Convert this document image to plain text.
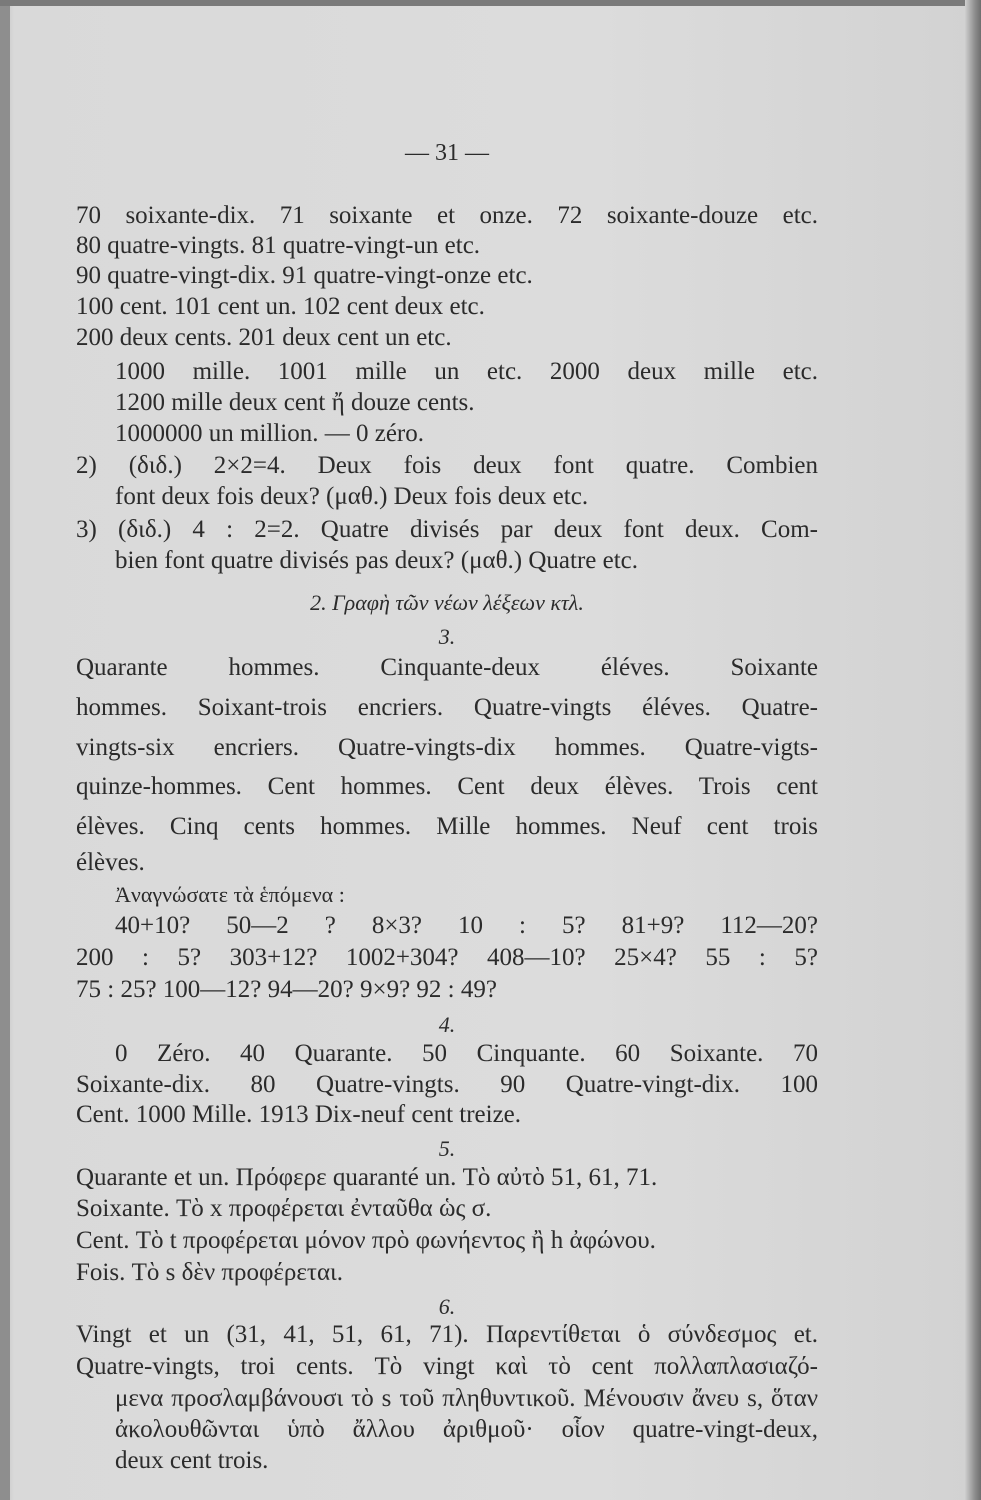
— 31 —
70 soixante-dix. 71 soixante et onze. 72 soixante-douze etc.
80 quatre-vingts. 81 quatre-vingt-un etc.
90 quatre-vingt-dix. 91 quatre-vingt-onze etc.
100 cent. 101 cent un. 102 cent deux etc.
200 deux cents. 201 deux cent un etc.
1000 mille. 1001 mille un etc. 2000 deux mille etc.
1200 mille deux cent ἤ douze cents.
1000000 un million. — 0 zéro.
2) (διδ.) 2×2=4. Deux fois deux font quatre. Combien
font deux fois deux? (μαθ.) Deux fois deux etc.
3) (διδ.) 4 : 2=2. Quatre divisés par deux font deux. Com-
bien font quatre divisés pas deux? (μαθ.) Quatre etc.
2. Γραφὴ τῶν νέων λέξεων κτλ.
3.
Quarante hommes. Cinquante-deux éléves. Soixante
hommes. Soixant-trois encriers. Quatre-vingts éléves. Quatre-
vingts-six encriers. Quatre-vingts-dix hommes. Quatre-vigts-
quinze-hommes. Cent hommes. Cent deux élèves. Trois cent
élèves. Cinq cents hommes. Mille hommes. Neuf cent trois
élèves.
Ἀναγνώσατε τὰ ἑπόμενα :
40+10? 50—2 ? 8×3? 10 : 5? 81+9? 112—20?
200 : 5? 303+12? 1002+304? 408—10? 25×4? 55 : 5?
75 : 25? 100—12? 94—20? 9×9? 92 : 49?
4.
0 Zéro. 40 Quarante. 50 Cinquante. 60 Soixante. 70
Soixante-dix. 80 Quatre-vingts. 90 Quatre-vingt-dix. 100
Cent. 1000 Mille. 1913 Dix-neuf cent treize.
5.
Quarante et un. Πρόφερε quaranté un. Τὸ αὐτὸ 51, 61, 71.
Soixante. Τὸ x προφέρεται ἐνταῦθα ὡς σ.
Cent. Τὸ t προφέρεται μόνον πρὸ φωνήεντος ἢ h ἀφώνου.
Fois. Τὸ s δὲν προφέρεται.
6.
Vingt et un (31, 41, 51, 61, 71). Παρεντίθεται ὁ σύνδεσμος et.
Quatre-vingts, troi cents. Τὸ vingt καὶ τὸ cent πολλαπλασιαζό-
μενα προσλαμβάνουσι τὸ s τοῦ πληθυντικοῦ. Μένουσιν ἄνευ s, ὅταν
ἀκολουθῶνται ὑπὸ ἄλλου ἀριθμοῦ· οἷον quatre-vingt-deux,
deux cent trois.
